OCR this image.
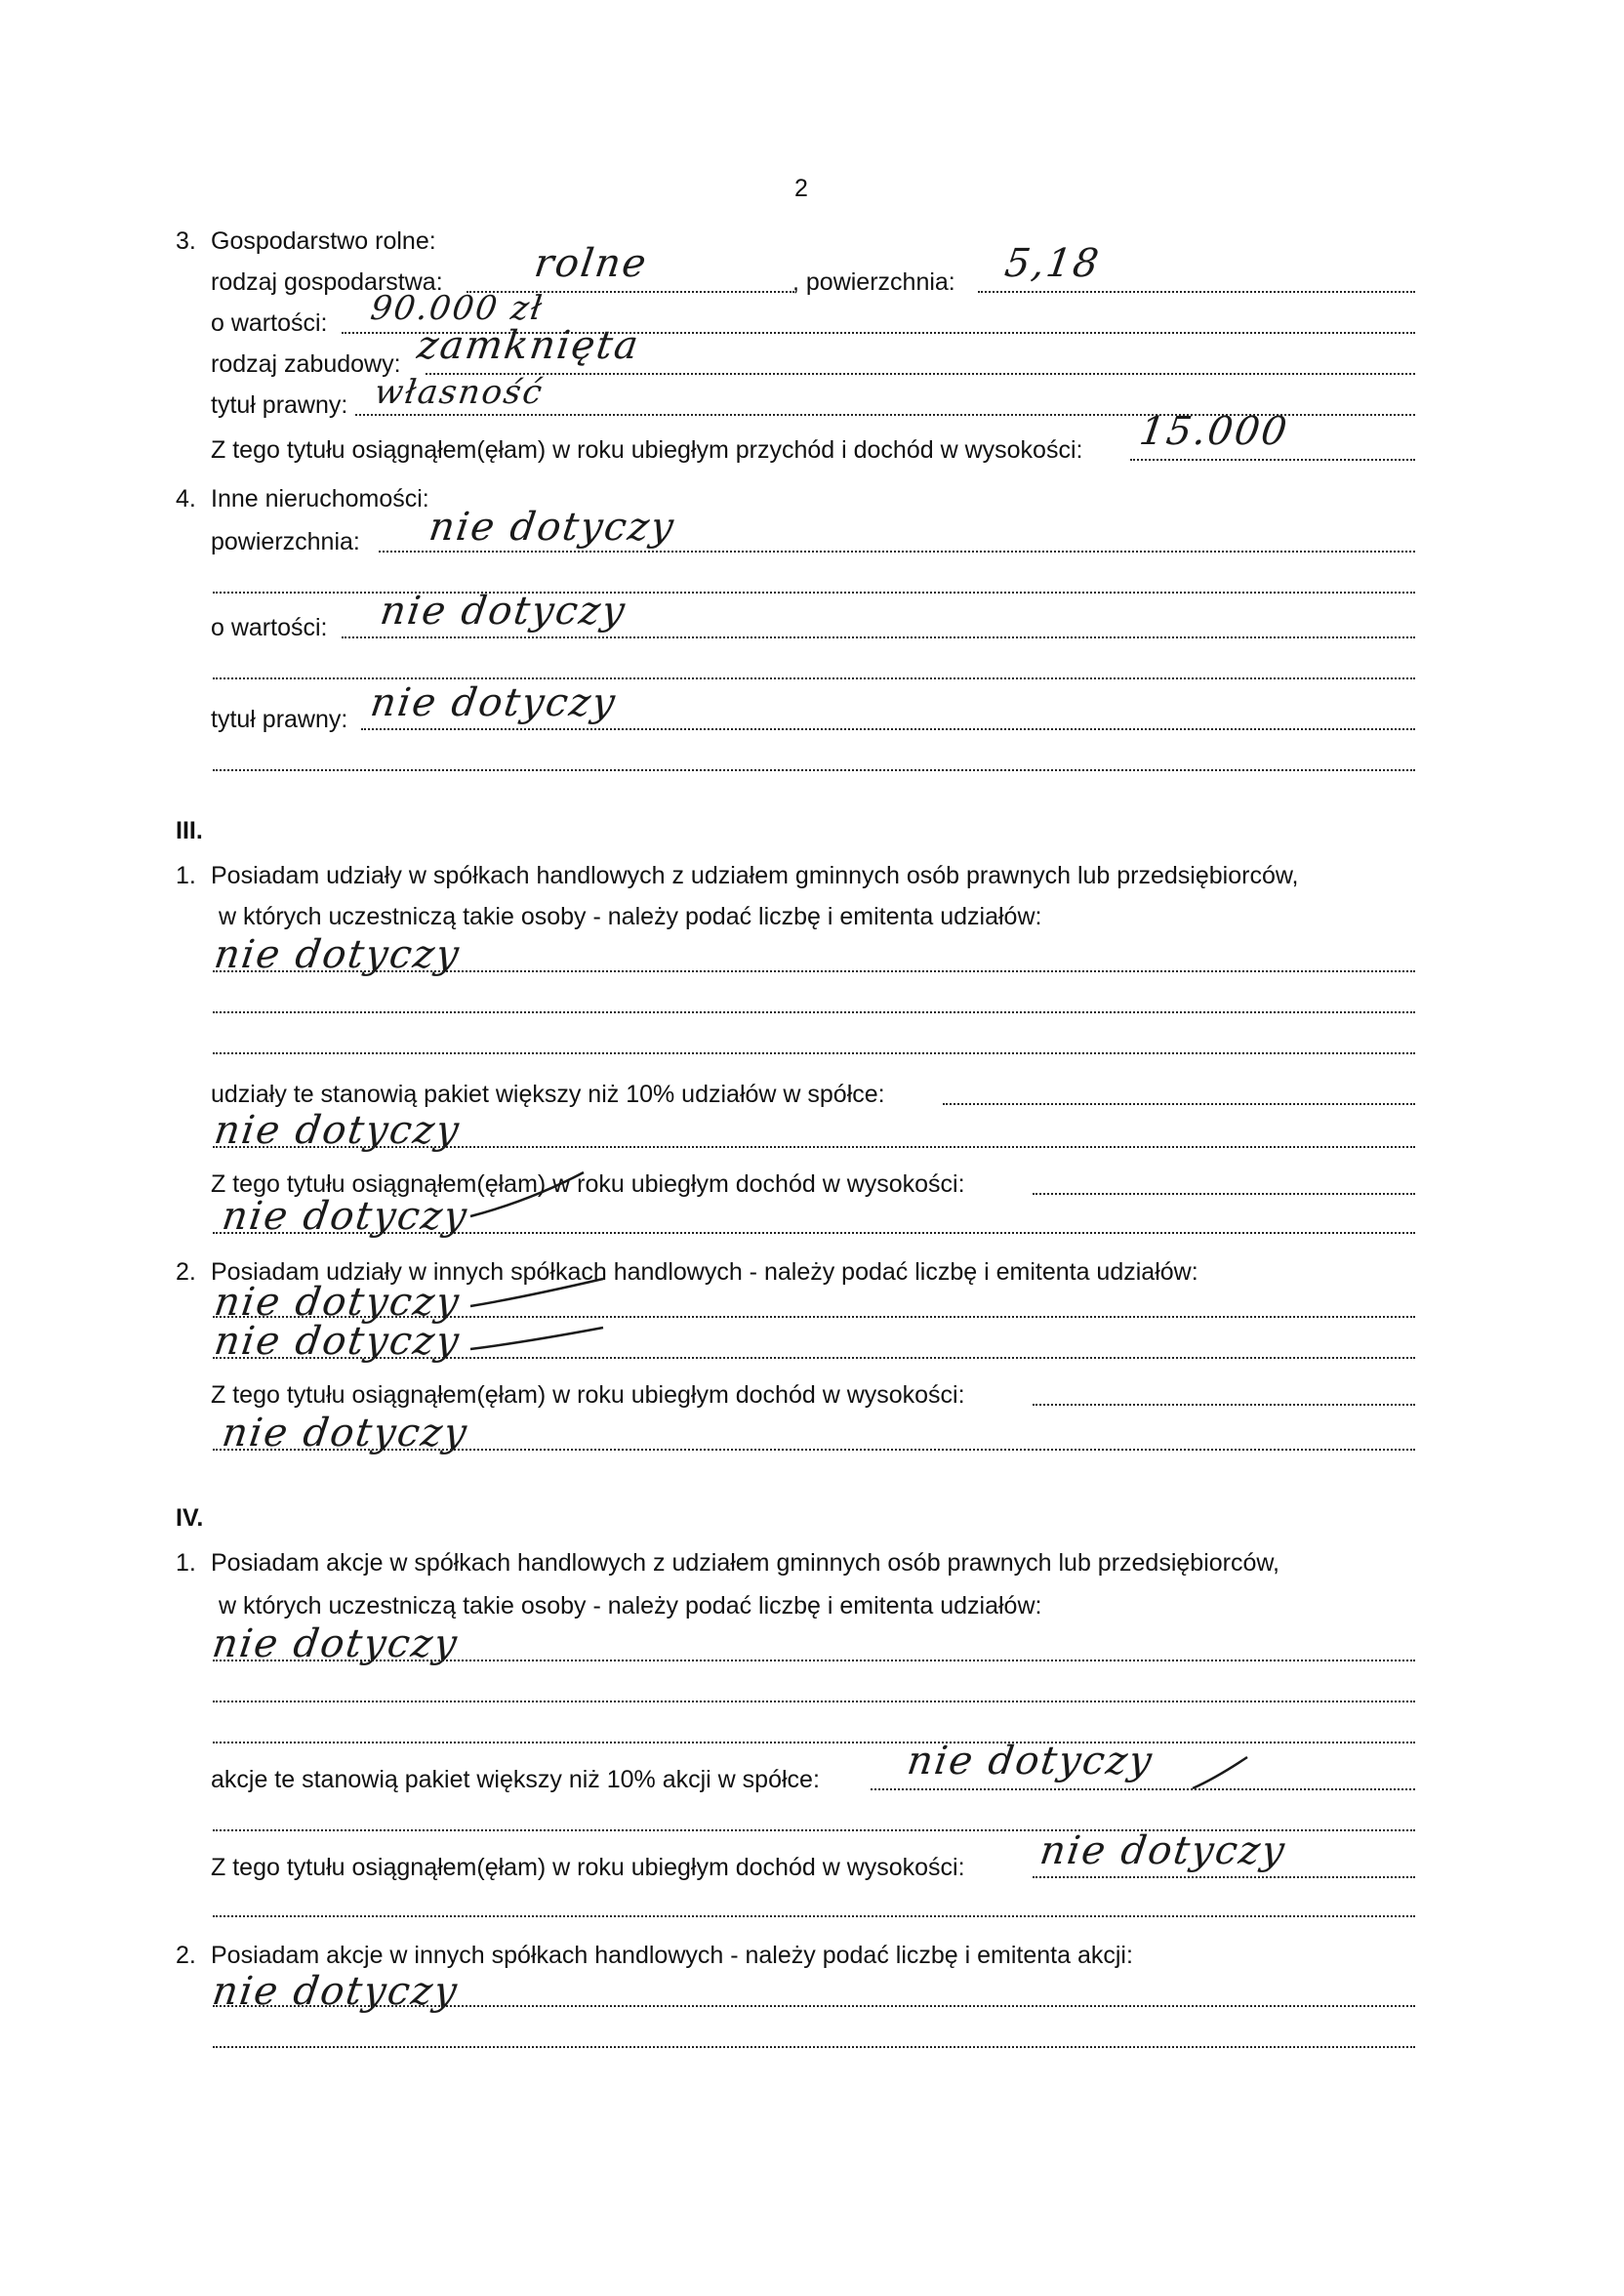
2
3. Gospodarstwo rolne:
rodzaj gospodarstwa: rolne	, powierzchnia: 5,18
o wartości: 90.000 zł
rodzaj zabudowy: zamknięta
tytuł prawny: własność
Z tego tytułu osiągnąłem(ęłam) w roku ubiegłym przychód i dochód w wysokości: 15.000
4. Inne nieruchomości:
powierzchnia: nie dotyczy
o wartości: nie dotyczy
tytuł prawny: nie dotyczy
III.
1. Posiadam udziały w spółkach handlowych z udziałem gminnych osób prawnych lub przedsiębiorców,
w których uczestniczą takie osoby - należy podać liczbę i emitenta udziałów:
nie dotyczy
udziały te stanowią pakiet większy niż 10% udziałów w spółce:
nie dotyczy
Z tego tytułu osiągnąłem(ęłam) w roku ubiegłym dochód w wysokości:
nie dotyczy
2. Posiadam udziały w innych spółkach handlowych - należy podać liczbę i emitenta udziałów:
nie dotyczy
nie dotyczy
Z tego tytułu osiągnąłem(ęłam) w roku ubiegłym dochód w wysokości:
nie dotyczy
IV.
1. Posiadam akcje w spółkach handlowych z udziałem gminnych osób prawnych lub przedsiębiorców,
w których uczestniczą takie osoby - należy podać liczbę i emitenta udziałów:
nie dotyczy
akcje te stanowią pakiet większy niż 10% akcji w spółce: nie dotyczy
Z tego tytułu osiągnąłem(ęłam) w roku ubiegłym dochód w wysokości: nie dotyczy
2. Posiadam akcje w innych spółkach handlowych - należy podać liczbę i emitenta akcji:
nie dotyczy
